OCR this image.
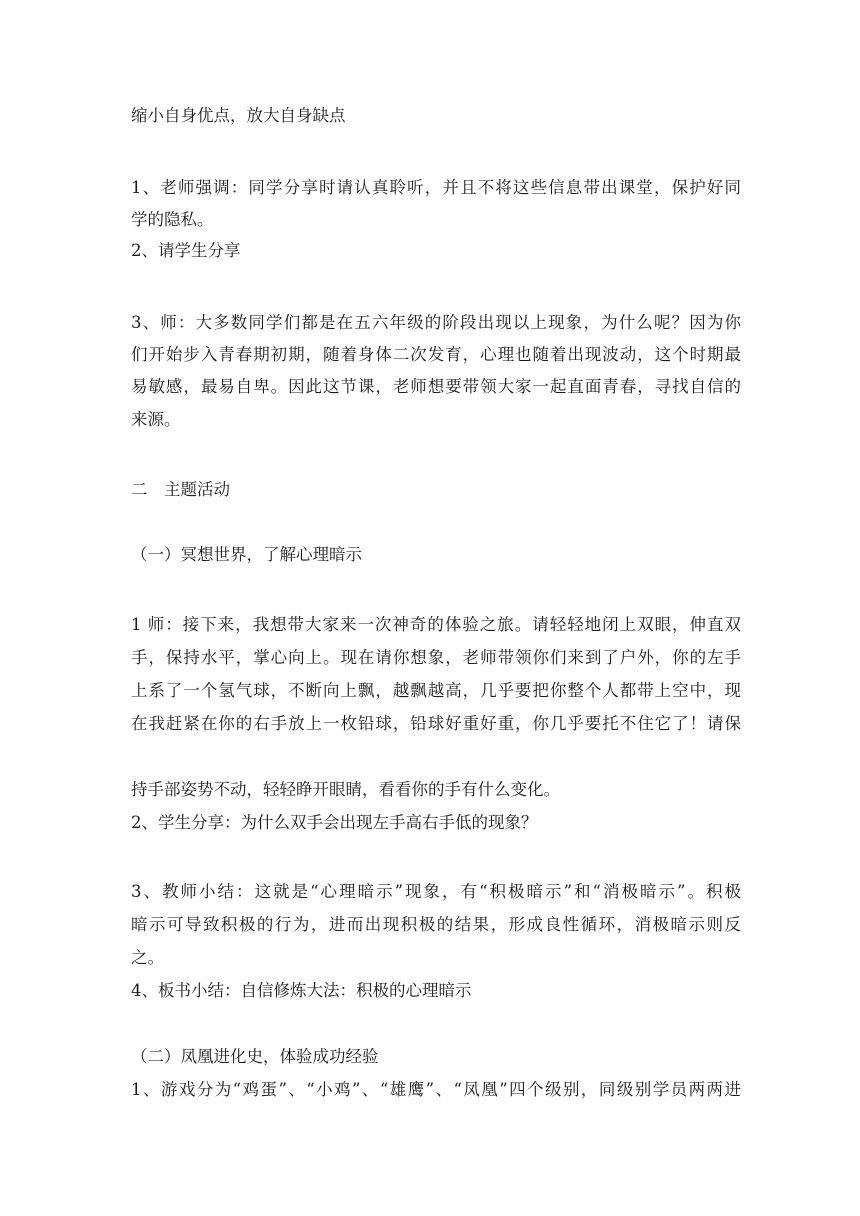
缩小自身优点，放大自身缺点
1、老师强调：同学分享时请认真聆听，并且不将这些信息带出课堂，保护好同
学的隐私。
2、请学生分享
3、师：大多数同学们都是在五六年级的阶段出现以上现象，为什么呢？因为你
们开始步入青春期初期，随着身体二次发育，心理也随着出现波动，这个时期最
易敏感，最易自卑。因此这节课，老师想要带领大家一起直面青春，寻找自信的
来源。
二　主题活动
（一）冥想世界，了解心理暗示
1 师：接下来，我想带大家来一次神奇的体验之旅。请轻轻地闭上双眼，伸直双
手，保持水平，掌心向上。现在请你想象，老师带领你们来到了户外，你的左手
上系了一个氢气球，不断向上飘，越飘越高，几乎要把你整个人都带上空中，现
在我赶紧在你的右手放上一枚铅球，铅球好重好重，你几乎要托不住它了！请保
持手部姿势不动，轻轻睁开眼睛，看看你的手有什么变化。
2、学生分享：为什么双手会出现左手高右手低的现象？
3、教师小结：这就是“心理暗示”现象，有“积极暗示”和“消极暗示”。积极
暗示可导致积极的行为，进而出现积极的结果，形成良性循环，消极暗示则反
之。
4、板书小结：自信修炼大法：积极的心理暗示
（二）凤凰进化史，体验成功经验
1、游戏分为“鸡蛋”、“小鸡”、“雄鹰”、“凤凰”四个级别，同级别学员两两进
